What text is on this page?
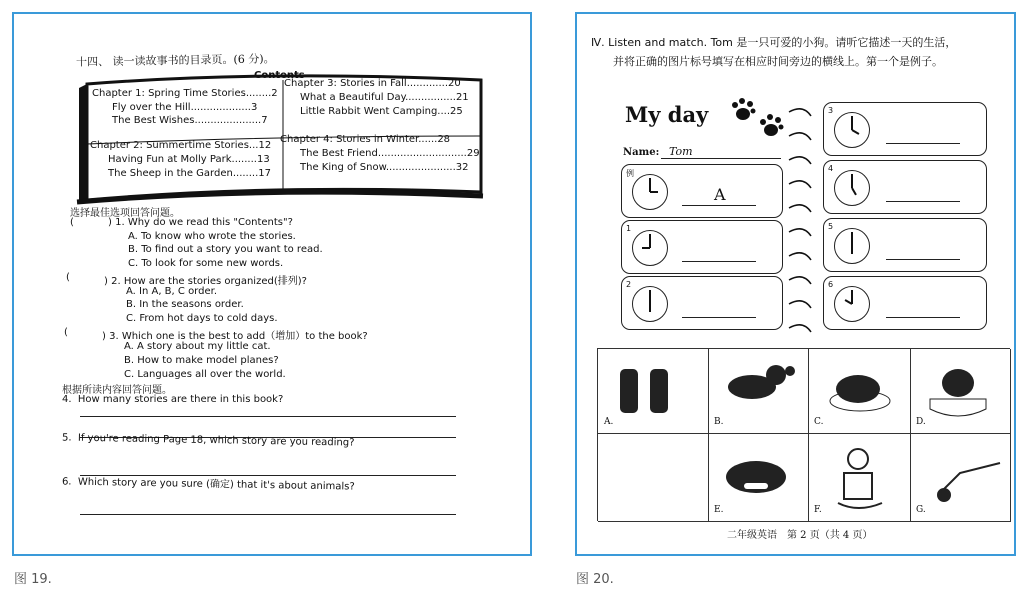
十四、 读一读故事书的目录页。(6 分)。
Contents
Chapter 1: Spring Time Stories........2
Fly over the Hill...................3
The Best Wishes.....................7
Chapter 2: Summertime Stories...12
Having Fun at Molly Park........13
The Sheep in the Garden........17
Chapter 3: Stories in Fall.............20
What a Beautiful Day................21
Little Rabbit Went Camping....25
Chapter 4: Stories in Winter......28
The Best Friend............................29
The King of Snow......................32
选择最佳选项回答问题。
(	) 1. Why do we read this "Contents"?
A. To know who wrote the stories.
B. To find out a story you want to read.
C. To look for some new words.
(	) 2. How are the stories organized(排列)?
A. In A, B, C order.
B. In the seasons order.
C. From hot days to cold days.
(	) 3. Which one is the best to add（增加）to the book?
A. A story about my little cat.
B. How to make model planes?
C. Languages all over the world.
根据所读内容回答问题。
4. How many stories are there in this book?
5. If you're reading Page 18, which story are you reading?
6. Which story are you sure (确定) that it's about animals?
图 19.
Ⅳ. Listen and match. Tom 是一只可爱的小狗。请听它描述一天的生活，
并将正确的图片标号填写在相应时间旁边的横线上。第一个是例子。
My day
Name: Tom
例
A
1
2
3
4
5
6
A.	B.	C.	D.
E.	F.	G.
二年级英语　第 2 页（共 4 页）
图 20.
